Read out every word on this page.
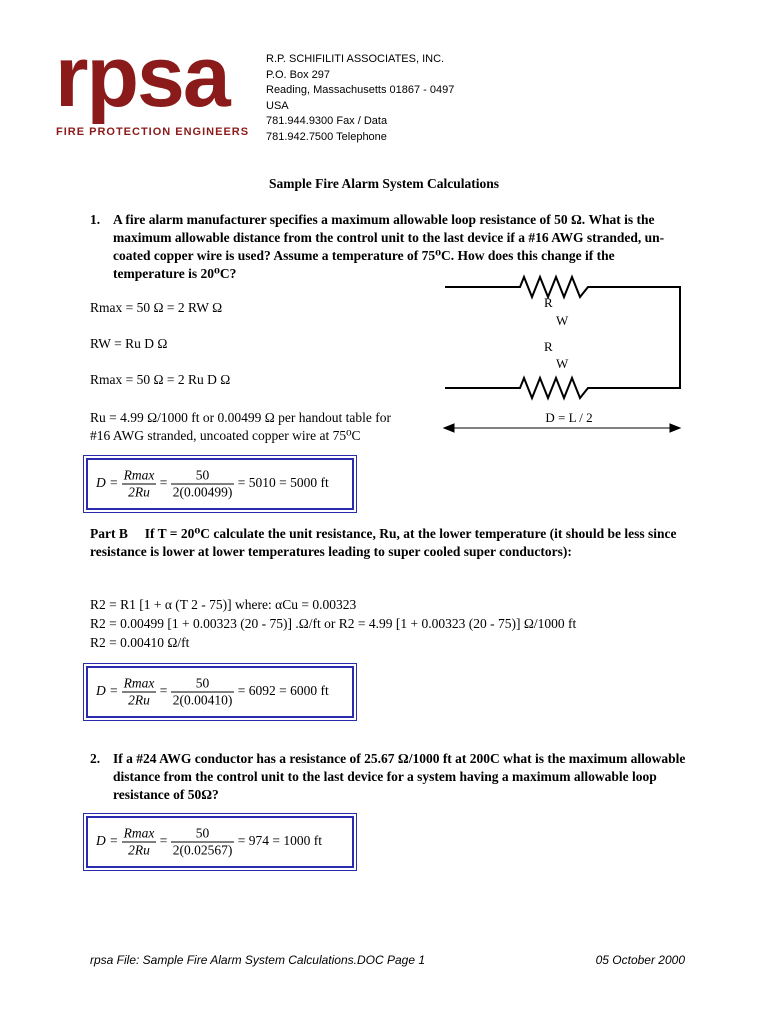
rpsa
FIRE PROTECTION ENGINEERS
R.P. SCHIFILITI ASSOCIATES, INC.
P.O. Box 297
Reading, Massachusetts 01867 - 0497
USA
781.944.9300 Fax / Data
781.942.7500 Telephone
Sample Fire Alarm System Calculations
1. A fire alarm manufacturer specifies a maximum allowable loop resistance of 50 Ω. What is the maximum allowable distance from the control unit to the last device if a #16 AWG stranded, un-coated copper wire is used? Assume a temperature of 75⁰C. How does this change if the temperature is 20⁰C?
Rmax = 50 Ω = 2 RW Ω
RW = Ru D Ω
Rmax = 50 Ω = 2 Ru D Ω
Ru = 4.99 Ω/1000 ft or 0.00499 Ω per handout table for
#16 AWG stranded, uncoated copper wire at 75⁰C
R
W
R
W
D = L / 2
$D = \frac{Rmax}{2Ru} = \frac{50}{2(0.00499)} = 5010 = 5000$ ft
Part B If T = 20⁰C calculate the unit resistance, Ru, at the lower temperature (it should be less since resistance is lower at lower temperatures leading to super cooled super conductors):
R2 = R1 [1 + α (T 2 - 75)] where: αCu = 0.00323
R2 = 0.00499 [1 + 0.00323 (20 - 75)] .Ω/ft or R2 = 4.99 [1 + 0.00323 (20 - 75)] Ω/1000 ft
R2 = 0.00410 Ω/ft
$D = \frac{Rmax}{2Ru} = \frac{50}{2(0.00410)} = 6092 = 6000$ ft
2. If a #24 AWG conductor has a resistance of 25.67 Ω/1000 ft at 200C what is the maximum allowable distance from the control unit to the last device for a system having a maximum allowable loop resistance of 50Ω?
$D = \frac{Rmax}{2Ru} = \frac{50}{2(0.02567)} = 974 = 1000$ ft
rpsa File: Sample Fire Alarm System Calculations.DOC Page 1	05 October 2000
